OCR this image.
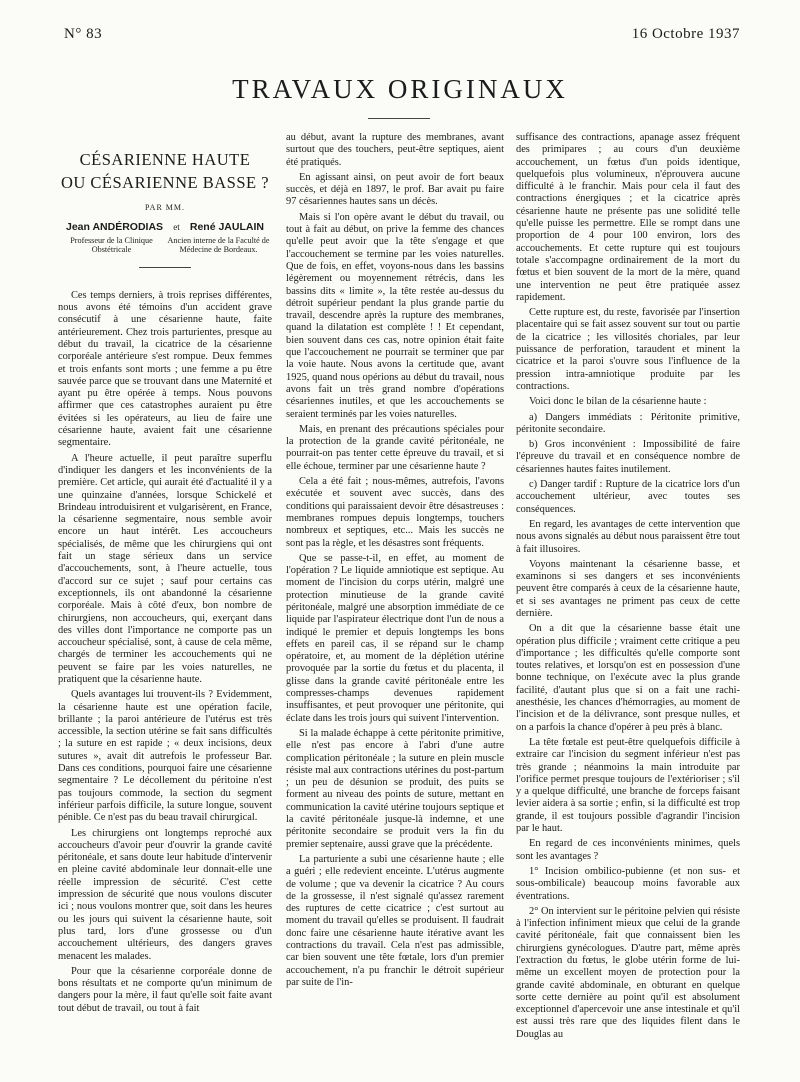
N° 83	16 Octobre 1937
TRAVAUX ORIGINAUX
CÉSARIENNE HAUTE
OU CÉSARIENNE BASSE ?
PAR MM.
Jean ANDÉRODIAS et René JAULAIN
Professeur de la Clinique Obstétricale
Ancien interne de la Faculté de Médecine de Bordeaux.

Ces temps derniers, à trois reprises différentes, nous avons été témoins d'un accident grave consécutif à une césarienne haute, faite antérieurement. Chez trois parturientes, presque au début du travail, la cicatrice de la césarienne corporéale antérieure s'est rompue. Deux femmes et trois enfants sont morts ; une femme a pu être sauvée parce que se trouvant dans une Maternité et ayant pu être opérée à temps. Nous pouvons affirmer que ces catastrophes auraient pu être évitées si les opérateurs, au lieu de faire une césarienne haute, avaient fait une césarienne segmentaire.

A l'heure actuelle, il peut paraître superflu d'indiquer les dangers et les inconvénients de la première. Cet article, qui aurait été d'actualité il y a une quinzaine d'années, lorsque Schickelé et Brindeau introduisirent et vulgarisèrent, en France, la césarienne segmentaire, nous semble avoir encore un haut intérêt. Les accoucheurs spécialisés, de même que les chirurgiens qui ont fait un stage sérieux dans un service d'accouchements, sont, à l'heure actuelle, tous d'accord sur ce sujet ; sauf pour certains cas exceptionnels, ils ont abandonné la césarienne corporéale. Mais à côté d'eux, bon nombre de chirurgiens, non accoucheurs, qui, exerçant dans des villes dont l'importance ne comporte pas un accoucheur spécialisé, sont, à cause de cela même, chargés de terminer les accouchements qui ne peuvent se faire par les voies naturelles, ne pratiquent que la césarienne haute.

Quels avantages lui trouvent-ils ? Evidemment, la césarienne haute est une opération facile, brillante ; la paroi antérieure de l'utérus est très accessible, la section utérine se fait sans difficultés ; la suture en est rapide ; « deux incisions, deux sutures », avait dit autrefois le professeur Bar. Dans ces conditions, pourquoi faire une césarienne segmentaire ? Le décollement du péritoine n'est pas toujours commode, la section du segment inférieur parfois difficile, la suture longue, souvent pénible. Ce n'est pas du beau travail chirurgical.

Les chirurgiens ont longtemps reproché aux accoucheurs d'avoir peur d'ouvrir la grande cavité péritonéale, et sans doute leur habitude d'intervenir en pleine cavité abdominale leur donnait-elle une réelle impression de sécurité. C'est cette impression de sécurité que nous voulons discuter ici ; nous voulons montrer que, soit dans les heures ou les jours qui suivent la césarienne haute, soit plus tard, lors d'une grossesse ou d'un accouchement ultérieurs, des dangers graves menacent les malades.

Pour que la césarienne corporéale donne de bons résultats et ne comporte qu'un minimum de dangers pour la mère, il faut qu'elle soit faite avant tout début de travail, ou tout à fait

au début, avant la rupture des membranes, avant surtout que des touchers, peut-être septiques, aient été pratiqués.

En agissant ainsi, on peut avoir de fort beaux succès, et déjà en 1897, le prof. Bar avait pu faire 97 césariennes hautes sans un décès.

Mais si l'on opère avant le début du travail, ou tout à fait au début, on prive la femme des chances qu'elle peut avoir que la tête s'engage et que l'accouchement se termine par les voies naturelles. Que de fois, en effet, voyons-nous dans les bassins légèrement ou moyennement rétrécis, dans les bassins dits « limite », la tête restée au-dessus du détroit supérieur pendant la plus grande partie du travail, descendre après la rupture des membranes, quand la dilatation est complète ! ! Et cependant, bien souvent dans ces cas, notre opinion était faite que l'accouchement ne pourrait se terminer que par la voie haute. Nous avons la certitude que, avant 1925, quand nous opérions au début du travail, nous avons fait un très grand nombre d'opérations césariennes inutiles, et que les accouchements se seraient terminés par les voies naturelles.

Mais, en prenant des précautions spéciales pour la protection de la grande cavité péritonéale, ne pourrait-on pas tenter cette épreuve du travail, et si elle échoue, terminer par une césarienne haute ?

Cela a été fait ; nous-mêmes, autrefois, l'avons exécutée et souvent avec succès, dans des conditions qui paraissaient devoir être désastreuses : membranes rompues depuis longtemps, touchers nombreux et septiques, etc... Mais les succès ne sont pas la règle, et les désastres sont fréquents.

Que se passe-t-il, en effet, au moment de l'opération ? Le liquide amniotique est septique. Au moment de l'incision du corps utérin, malgré une protection minutieuse de la grande cavité péritonéale, malgré une absorption immédiate de ce liquide par l'aspirateur électrique dont l'un de nous a indiqué le premier et depuis longtemps les bons effets en pareil cas, il se répand sur le champ opératoire, et, au moment de la déplétion utérine provoquée par la sortie du fœtus et du placenta, il glisse dans la grande cavité péritonéale entre les compresses-champs devenues rapidement insuffisantes, et peut provoquer une péritonite, qui éclate dans les trois jours qui suivent l'intervention.

Si la malade échappe à cette péritonite primitive, elle n'est pas encore à l'abri d'une autre complication péritonéale ; la suture en plein muscle résiste mal aux contractions utérines du post-partum ; un peu de désunion se produit, des puits se forment au niveau des points de suture, mettant en communication la cavité utérine toujours septique et la cavité péritonéale jusque-là indemne, et une péritonite secondaire se produit vers la fin du premier septenaire, aussi grave que la précédente.

La parturiente a subi une césarienne haute ; elle a guéri ; elle redevient enceinte. L'utérus augmente de volume ; que va devenir la cicatrice ? Au cours de la grossesse, il n'est signalé qu'assez rarement des ruptures de cette cicatrice ; c'est surtout au moment du travail qu'elles se produisent. Il faudrait donc faire une césarienne haute itérative avant les contractions du travail. Cela n'est pas admissible, car bien souvent une tête fœtale, lors d'un premier accouchement, n'a pu franchir le détroit supérieur par suite de l'in-

suffisance des contractions, apanage assez fréquent des primipares ; au cours d'un deuxième accouchement, un fœtus d'un poids identique, quelquefois plus volumineux, n'éprouvera aucune difficulté à le franchir. Mais pour cela il faut des contractions énergiques ; et la cicatrice après césarienne haute ne présente pas une solidité telle qu'elle puisse les permettre. Elle se rompt dans une proportion de 4 pour 100 environ, lors des accouchements. Et cette rupture qui est toujours totale s'accompagne ordinairement de la mort du fœtus et bien souvent de la mort de la mère, quand une intervention ne peut être pratiquée assez rapidement.

Cette rupture est, du reste, favorisée par l'insertion placentaire qui se fait assez souvent sur tout ou partie de la cicatrice ; les villosités choriales, par leur puissance de perforation, taraudent et minent la cicatrice et la paroi s'ouvre sous l'influence de la pression intra-amniotique produite par les contractions.

Voici donc le bilan de la césarienne haute :

a) Dangers immédiats : Péritonite primitive, péritonite secondaire.

b) Gros inconvénient : Impossibilité de faire l'épreuve du travail et en conséquence nombre de césariennes hautes faites inutilement.

c) Danger tardif : Rupture de la cicatrice lors d'un accouchement ultérieur, avec toutes ses conséquences.

En regard, les avantages de cette intervention que nous avons signalés au début nous paraissent être tout à fait illusoires.

Voyons maintenant la césarienne basse, et examinons si ses dangers et ses inconvénients peuvent être comparés à ceux de la césarienne haute, et si ses avantages ne priment pas ceux de cette dernière.

On a dit que la césarienne basse était une opération plus difficile ; vraiment cette critique a peu d'importance ; les difficultés qu'elle comporte sont toutes relatives, et lorsqu'on est en possession d'une bonne technique, on l'exécute avec la plus grande facilité, d'autant plus que si on a fait une rachi-anesthésie, les chances d'hémorragies, au moment de l'incision et de la délivrance, sont presque nulles, et on a parfois la chance d'opérer à peu près à blanc.

La tête fœtale est peut-être quelquefois difficile à extraire car l'incision du segment inférieur n'est pas très grande ; néanmoins la main introduite par l'orifice permet presque toujours de l'extérioriser ; s'il y a quelque difficulté, une branche de forceps faisant levier aidera à sa sortie ; enfin, si la difficulté est trop grande, il est toujours possible d'agrandir l'incision par le haut.

En regard de ces inconvénients minimes, quels sont les avantages ?

1° Incision ombilico-pubienne (et non sus- et sous-ombilicale) beaucoup moins favorable aux éventrations.

2° On intervient sur le péritoine pelvien qui résiste à l'infection infiniment mieux que celui de la grande cavité péritonéale, fait que connaissent bien les chirurgiens gynécologues. D'autre part, même après l'extraction du fœtus, le globe utérin forme de lui-même un excellent moyen de protection pour la grande cavité abdominale, en obturant en quelque sorte cette dernière au point qu'il est absolument exceptionnel d'apercevoir une anse intestinale et qu'il est aussi très rare que des liquides filent dans le Douglas au
